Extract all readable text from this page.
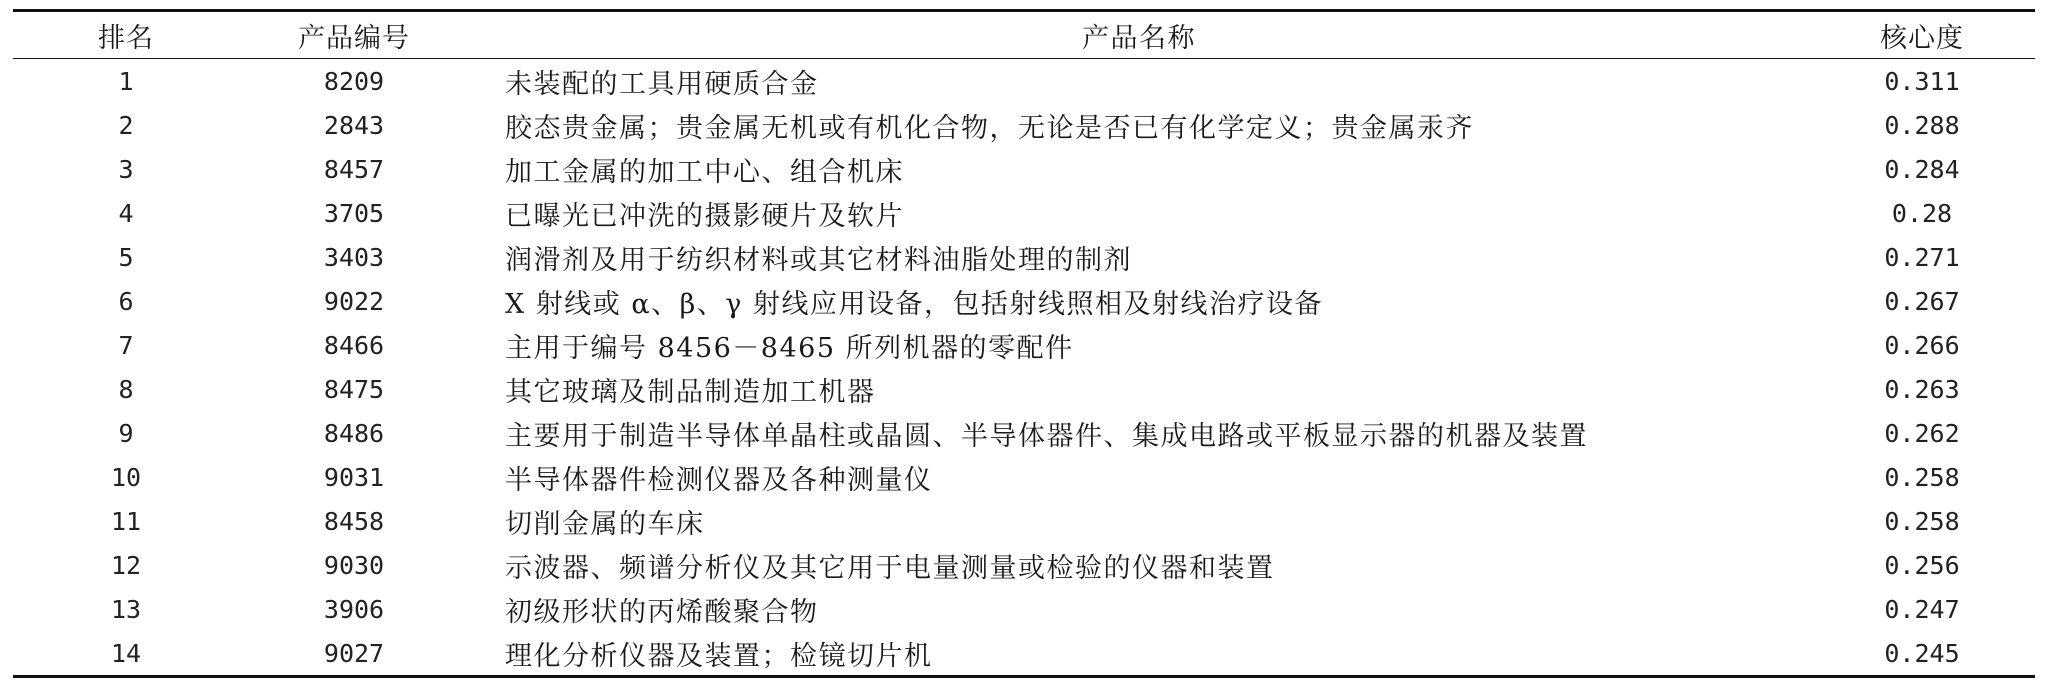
排名	产品编号	产品名称	核心度
1	8209	未装配的工具用硬质合金	0.311
2	2843	胶态贵金属；贵金属无机或有机化合物，无论是否已有化学定义；贵金属汞齐	0.288
3	8457	加工金属的加工中心、组合机床	0.284
4	3705	已曝光已冲洗的摄影硬片及软片	0.28
5	3403	润滑剂及用于纺织材料或其它材料油脂处理的制剂	0.271
6	9022	X 射线或 α、β、γ 射线应用设备，包括射线照相及射线治疗设备	0.267
7	8466	主用于编号 8456－8465 所列机器的零配件	0.266
8	8475	其它玻璃及制品制造加工机器	0.263
9	8486	主要用于制造半导体单晶柱或晶圆、半导体器件、集成电路或平板显示器的机器及装置	0.262
10	9031	半导体器件检测仪器及各种测量仪	0.258
11	8458	切削金属的车床	0.258
12	9030	示波器、频谱分析仪及其它用于电量测量或检验的仪器和装置	0.256
13	3906	初级形状的丙烯酸聚合物	0.247
14	9027	理化分析仪器及装置；检镜切片机	0.245
